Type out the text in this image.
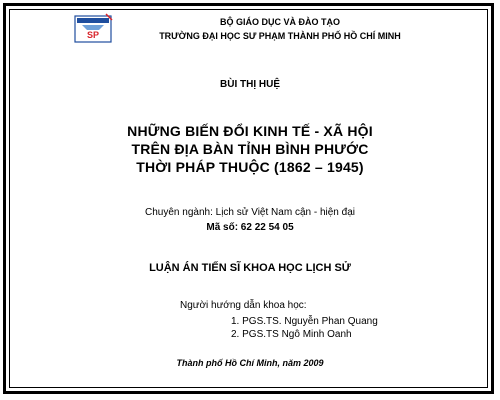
SP
BỘ GIÁO DỤC VÀ ĐÀO TẠO
TRƯỜNG ĐẠI HỌC SƯ PHẠM THÀNH PHỐ HỒ CHÍ MINH
BÙI THỊ HUỆ
NHỮNG BIẾN ĐỔI KINH TẾ - XÃ HỘI
TRÊN ĐỊA BÀN TỈNH BÌNH PHƯỚC
THỜI PHÁP THUỘC (1862 – 1945)
Chuyên ngành: Lịch sử Việt Nam cận - hiện đại
Mã số: 62 22 54 05
LUẬN ÁN TIẾN SĨ KHOA HỌC LỊCH SỬ
Người hướng dẫn khoa học:
1. PGS.TS. Nguyễn Phan Quang
2. PGS.TS Ngô Minh Oanh
Thành phố Hồ Chí Minh, năm 2009
